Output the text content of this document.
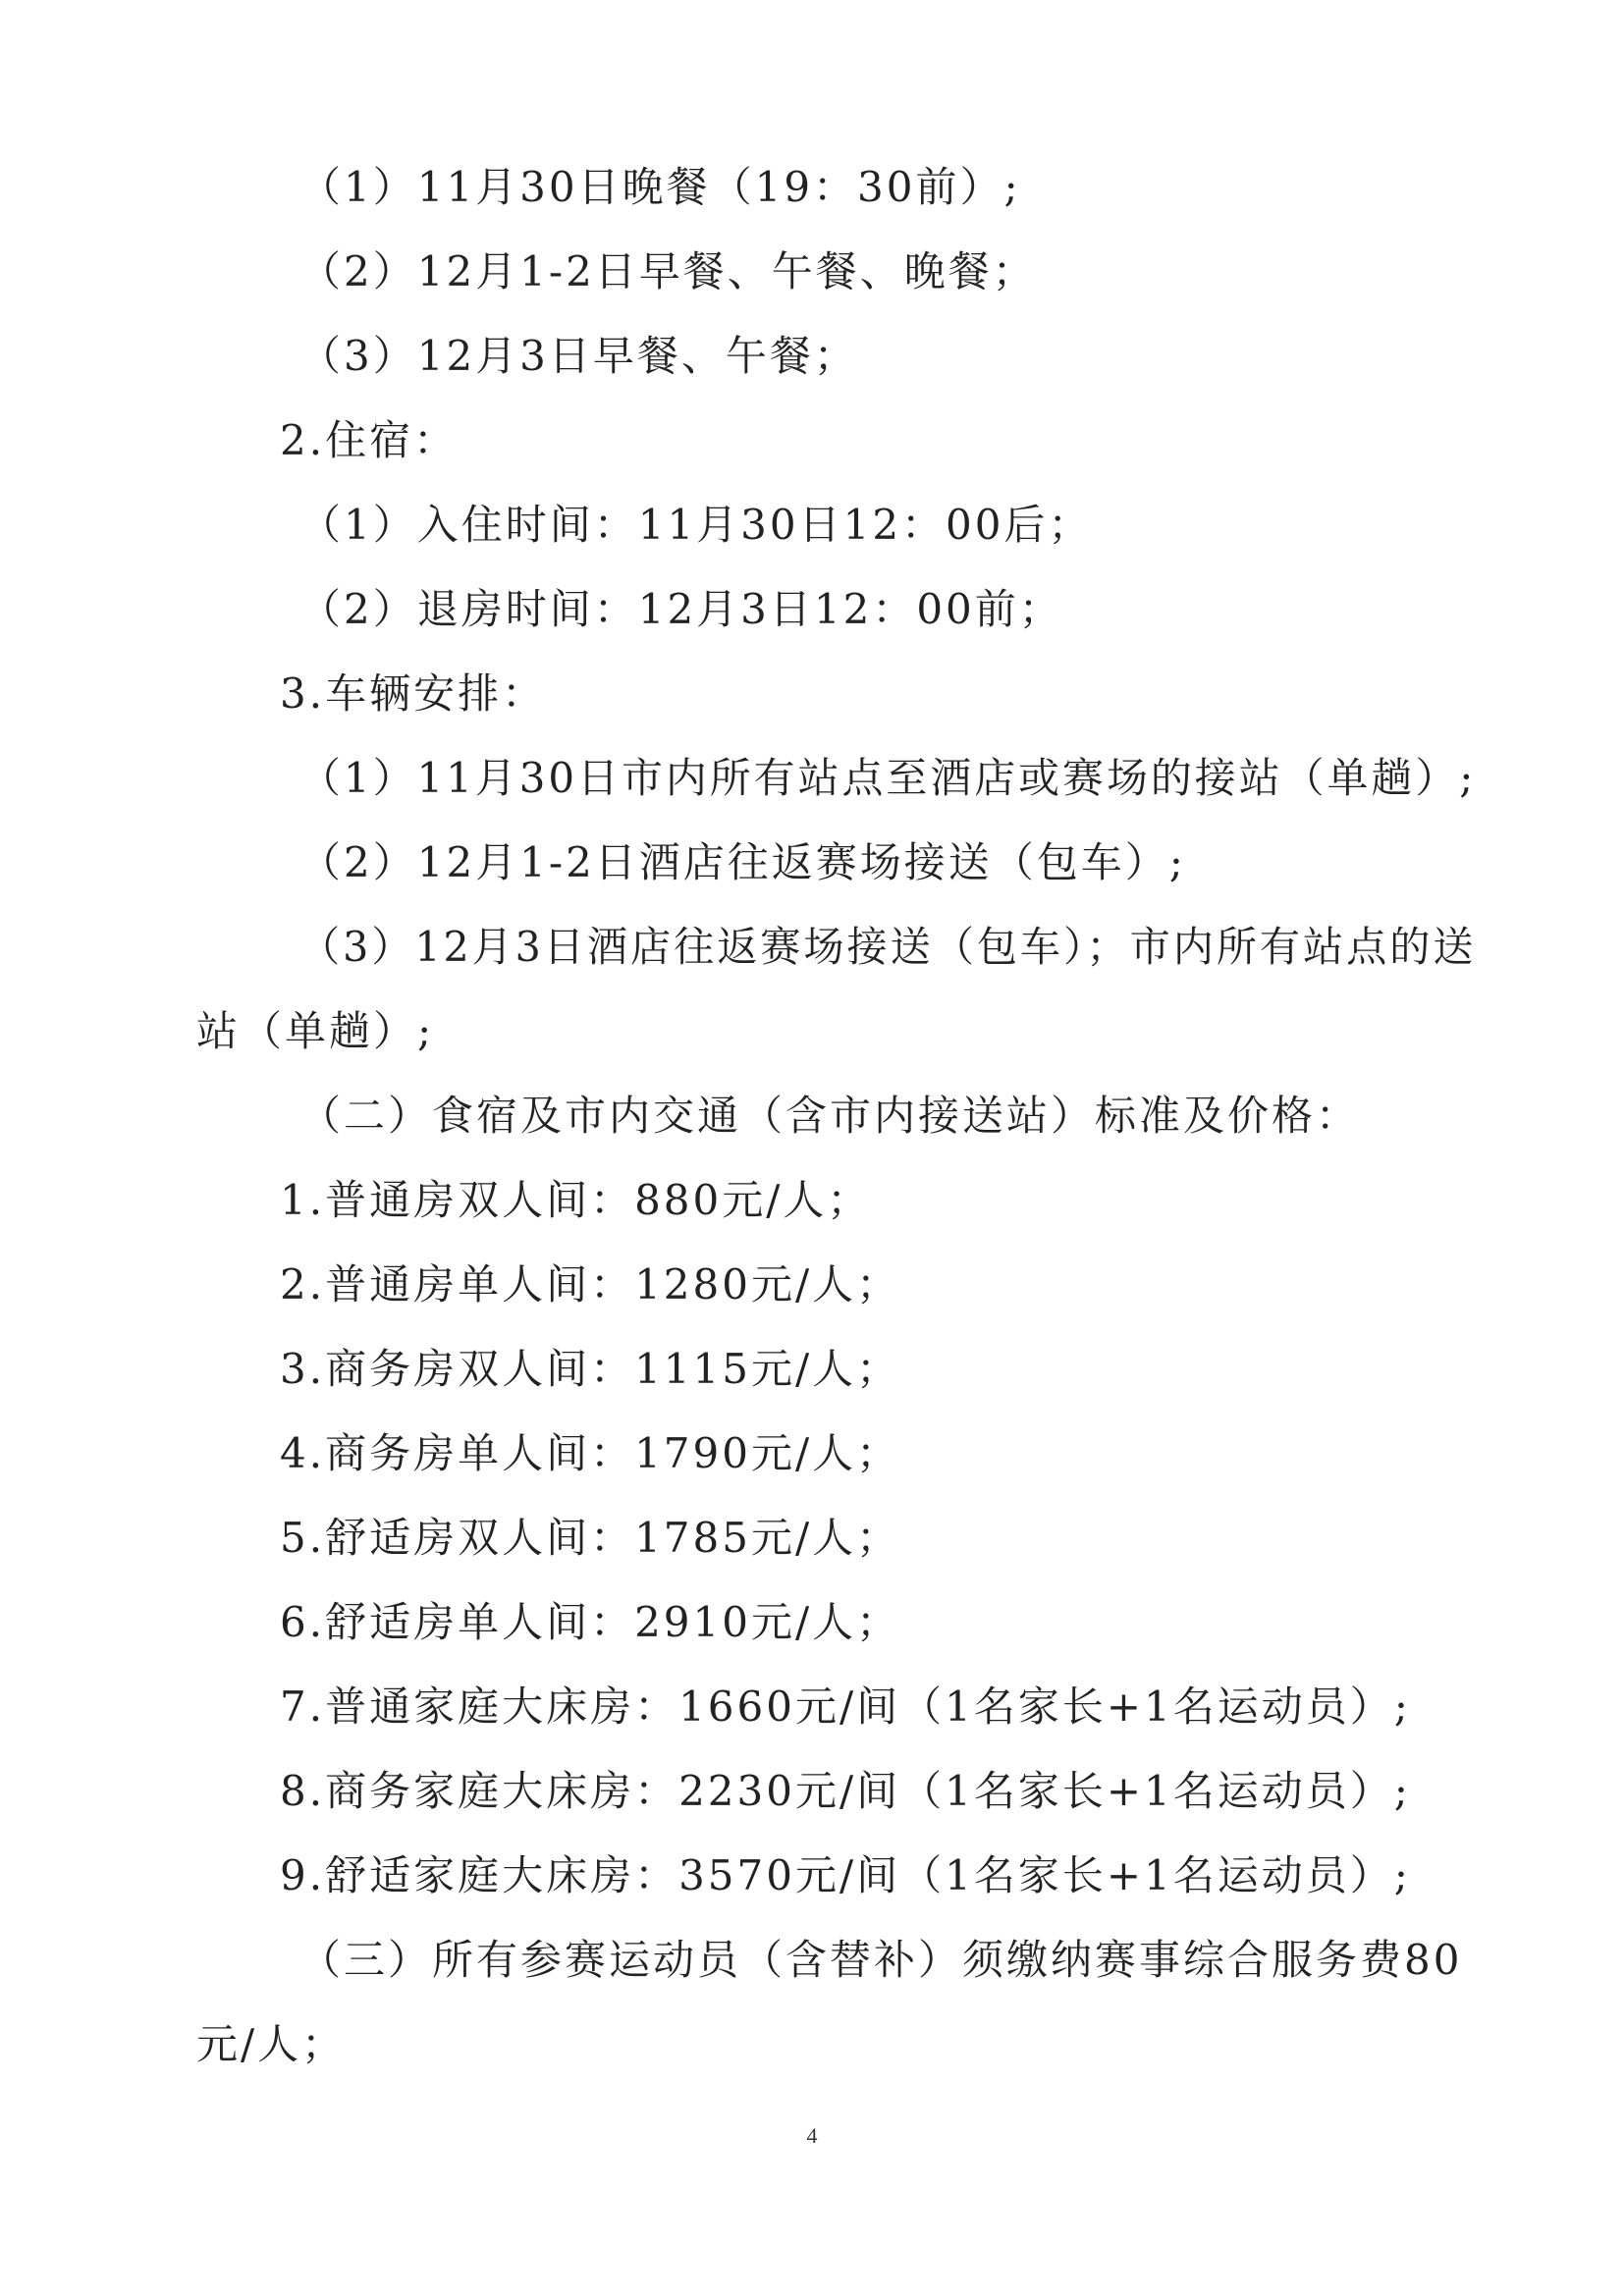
（1）11月30日晚餐（19：30前）;
（2）12月1-2日早餐、午餐、晚餐；
（3）12月3日早餐、午餐；
2.住宿：
（1）入住时间：11月30日12：00后；
（2）退房时间：12月3日12：00前；
3.车辆安排：
（1）11月30日市内所有站点至酒店或赛场的接站（单趟）;
（2）12月1-2日酒店往返赛场接送（包车）;
（3）12月3日酒店往返赛场接送（包车）；市内所有站点的送
站（单趟）;
（二）食宿及市内交通（含市内接送站）标准及价格：
1.普通房双人间：880元/人；
2.普通房单人间：1280元/人；
3.商务房双人间：1115元/人；
4.商务房单人间：1790元/人；
5.舒适房双人间：1785元/人；
6.舒适房单人间：2910元/人；
7.普通家庭大床房：1660元/间（1名家长+1名运动员）;
8.商务家庭大床房：2230元/间（1名家长+1名运动员）;
9.舒适家庭大床房：3570元/间（1名家长+1名运动员）;
（三）所有参赛运动员（含替补）须缴纳赛事综合服务费80
元/人；
4
